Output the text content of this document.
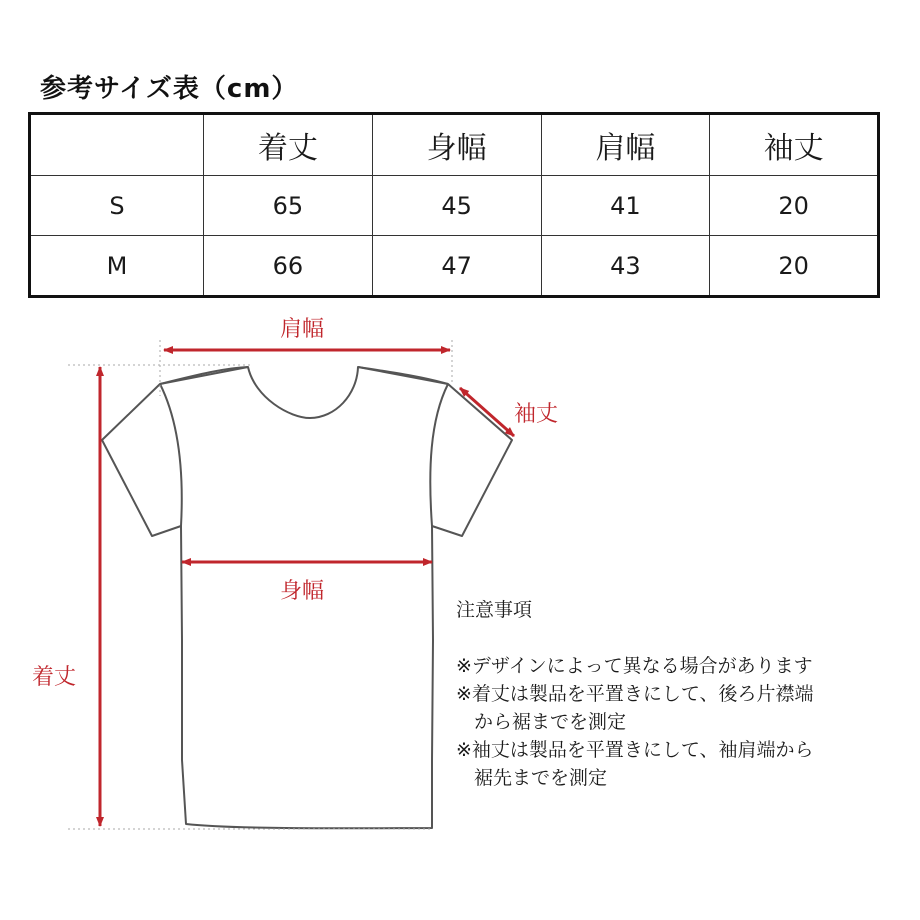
参考サイズ表（cm）
	着丈	身幅	肩幅	袖丈
S	65	45	41	20
M	66	47	43	20
肩幅
袖丈
身幅
着丈
注意事項
※デザインによって異なる場合があります
※着丈は製品を平置きにして、後ろ片襟端
から裾までを測定
※袖丈は製品を平置きにして、袖肩端から
裾先までを測定
